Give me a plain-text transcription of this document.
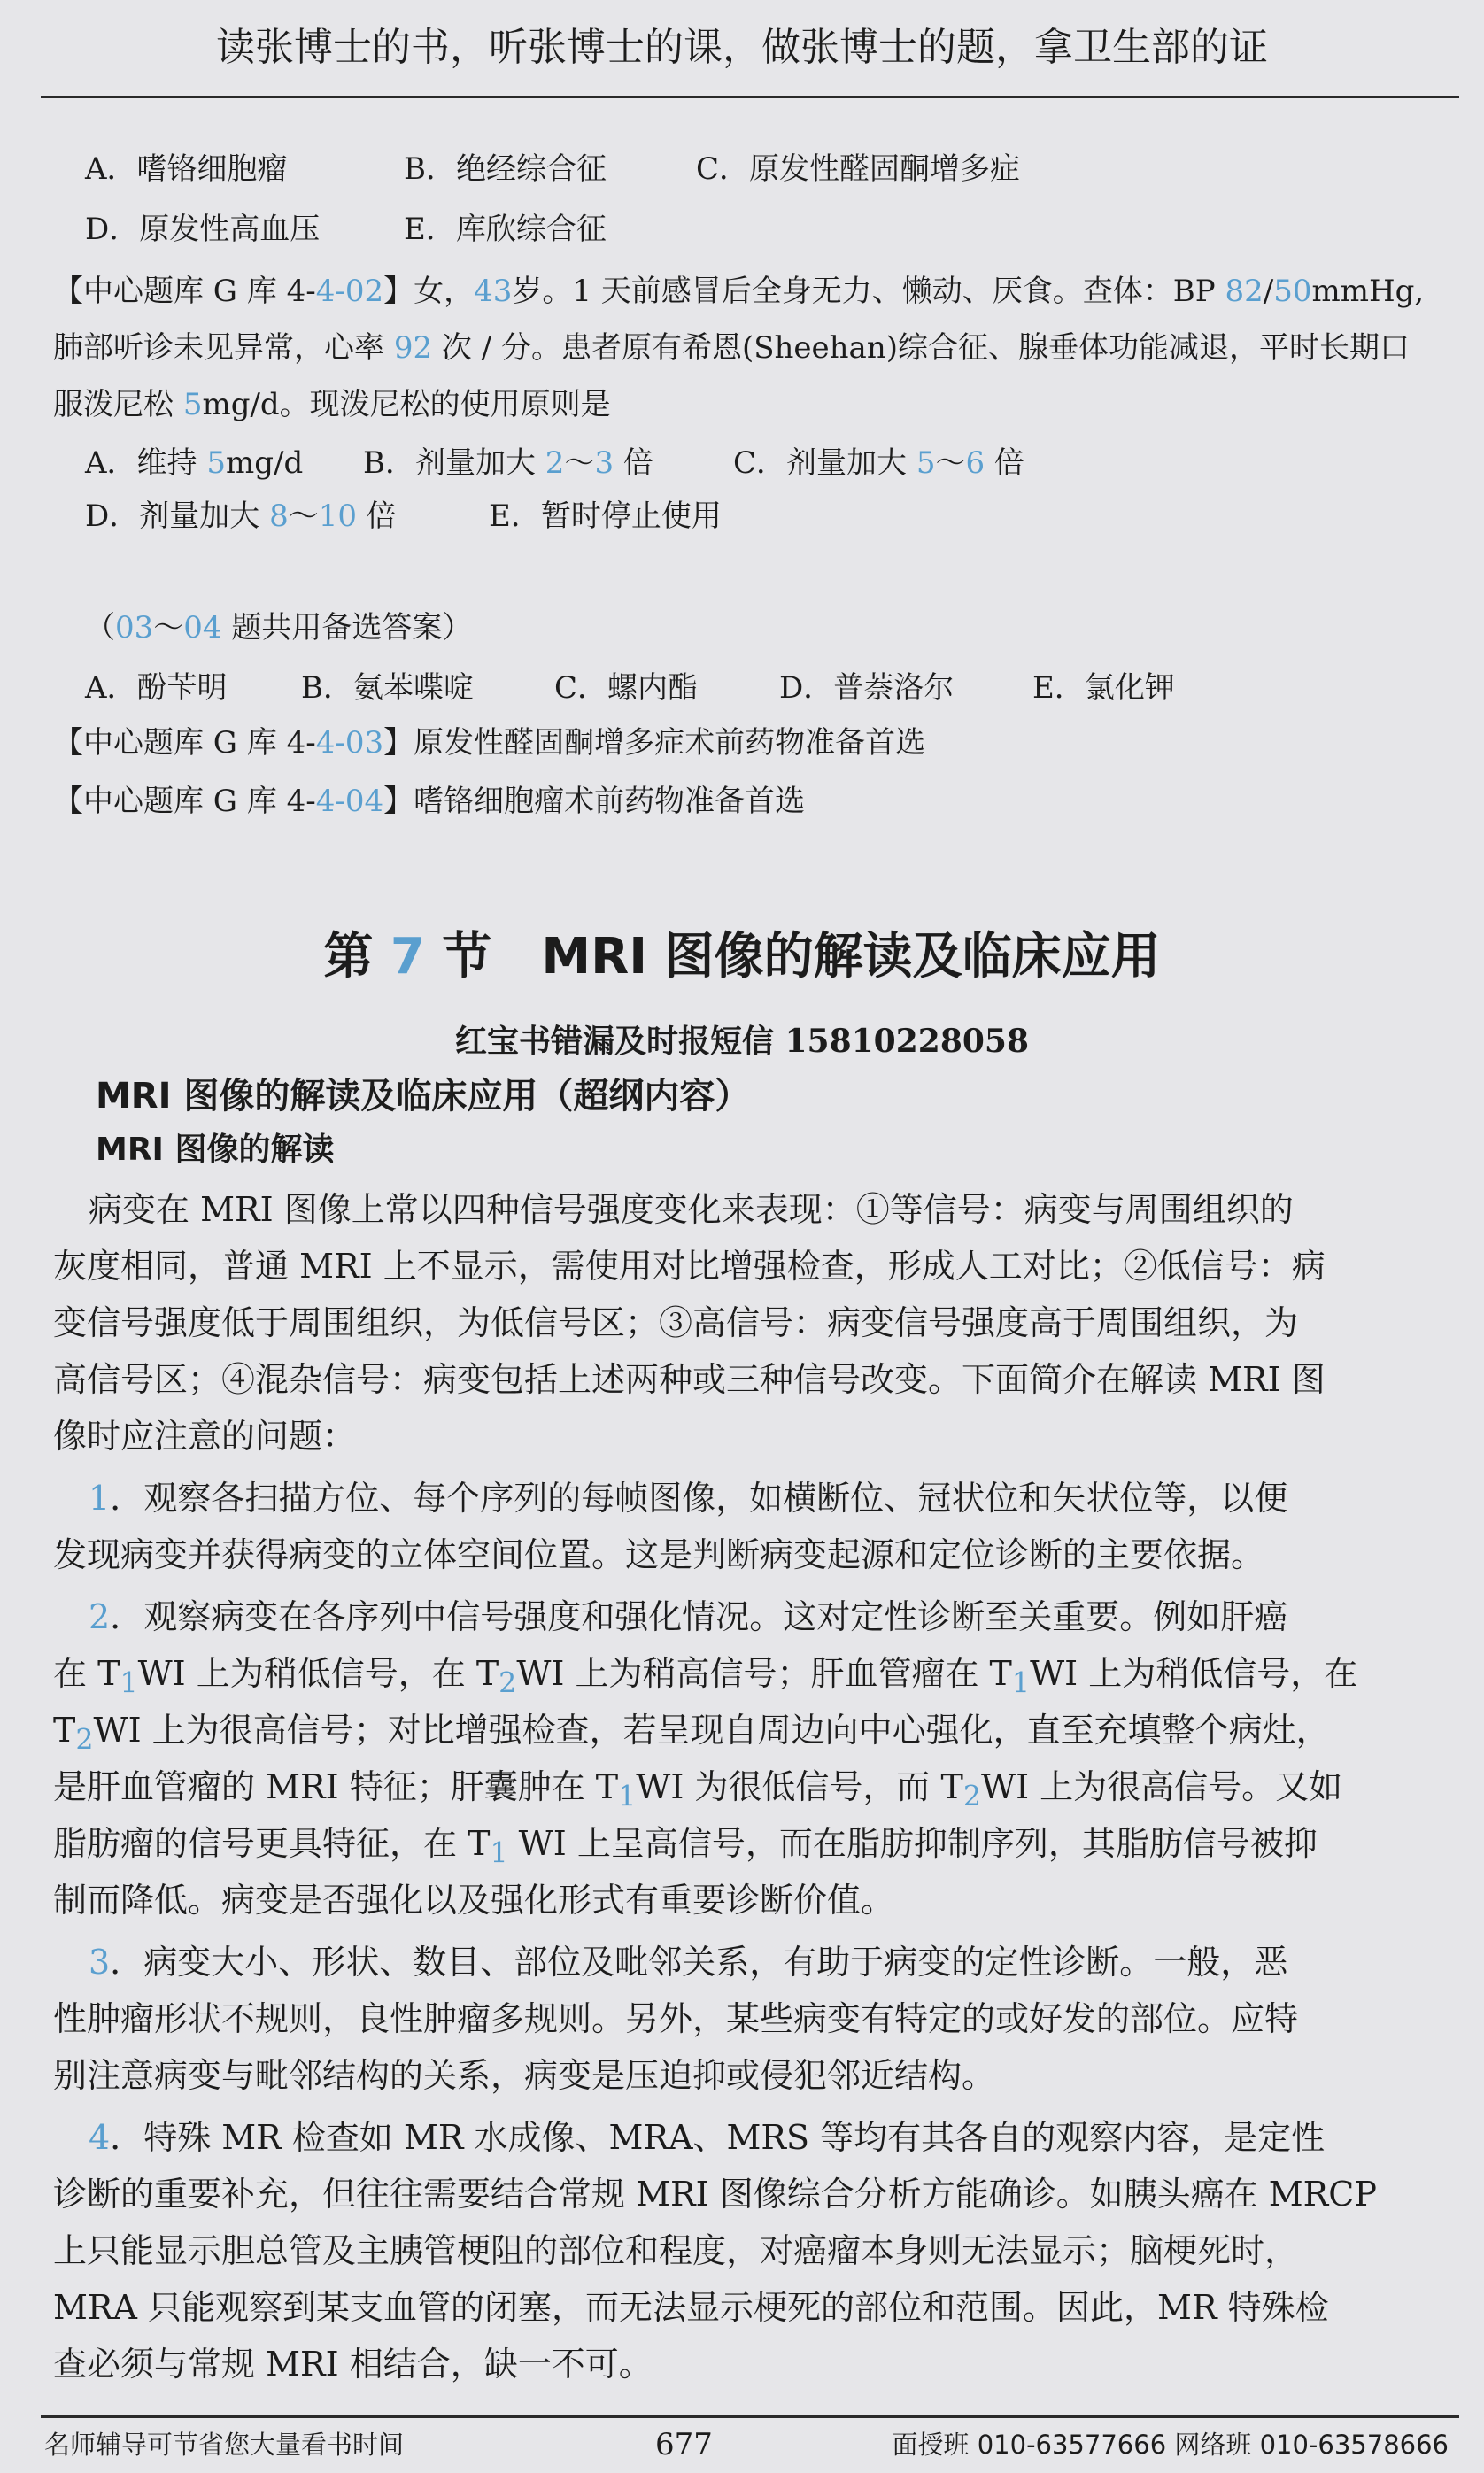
读张博士的书，听张博士的课，做张博士的题，拿卫生部的证

A．嗜铬细胞瘤	B．绝经综合征	C．原发性醛固酮增多症

D．原发性高血压	E．库欣综合征

【中心题库 G 库 4-4-02】女，43岁。1 天前感冒后全身无力、懒动、厌食。查体：BP 82/50mmHg,

肺部听诊未见异常，心率 92 次 / 分。患者原有希恩(Sheehan)综合征、腺垂体功能减退，平时长期口

服泼尼松 5mg/d。现泼尼松的使用原则是

A．维持 5mg/d B．剂量加大 2～3 倍	C．剂量加大 5～6 倍

D．剂量加大 8～10 倍	E．暂时停止使用

（03～04 题共用备选答案）

A．酚苄明 B．氨苯喋啶	C．螺内酯	D．普萘洛尔	E．氯化钾

【中心题库 G 库 4-4-03】原发性醛固酮增多症术前药物准备首选

【中心题库 G 库 4-4-04】嗜铬细胞瘤术前药物准备首选

第 7 节　MRI 图像的解读及临床应用
红宝书错漏及时报短信 15810228058
MRI 图像的解读及临床应用（超纲内容）
MRI 图像的解读

病变在 MRI 图像上常以四种信号强度变化来表现：①等信号：病变与周围组织的

灰度相同，普通 MRI 上不显示，需使用对比增强检查，形成人工对比；②低信号：病

变信号强度低于周围组织，为低信号区；③高信号：病变信号强度高于周围组织，为

高信号区；④混杂信号：病变包括上述两种或三种信号改变。下面简介在解读 MRI 图

像时应注意的问题：

1．观察各扫描方位、每个序列的每帧图像，如横断位、冠状位和矢状位等，以便

发现病变并获得病变的立体空间位置。这是判断病变起源和定位诊断的主要依据。

2．观察病变在各序列中信号强度和强化情况。这对定性诊断至关重要。例如肝癌

在 $T_1WI$ 上为稍低信号，在 $T_2WI$ 上为稍高信号；肝血管瘤在 $T_1WI$ 上为稍低信号，在

$T_2WI$ 上为很高信号；对比增强检查，若呈现自周边向中心强化，直至充填整个病灶，

是肝血管瘤的 MRI 特征；肝囊肿在 $T_1WI$ 为很低信号，而 $T_2WI$ 上为很高信号。又如

脂肪瘤的信号更具特征，在 $T_1$ WI 上呈高信号，而在脂肪抑制序列，其脂肪信号被抑

制而降低。病变是否强化以及强化形式有重要诊断价值。

3．病变大小、形状、数目、部位及毗邻关系，有助于病变的定性诊断。一般，恶

性肿瘤形状不规则，良性肿瘤多规则。另外，某些病变有特定的或好发的部位。应特

别注意病变与毗邻结构的关系，病变是压迫抑或侵犯邻近结构。

4．特殊 MR 检查如 MR 水成像、MRA、MRS 等均有其各自的观察内容，是定性

诊断的重要补充，但往往需要结合常规 MRI 图像综合分析方能确诊。如胰头癌在 MRCP

上只能显示胆总管及主胰管梗阻的部位和程度，对癌瘤本身则无法显示；脑梗死时，

MRA 只能观察到某支血管的闭塞，而无法显示梗死的部位和范围。因此，MR 特殊检

查必须与常规 MRI 相结合，缺一不可。

名师辅导可节省您大量看书时间	677	面授班 010-63577666 网络班 010-63578666
